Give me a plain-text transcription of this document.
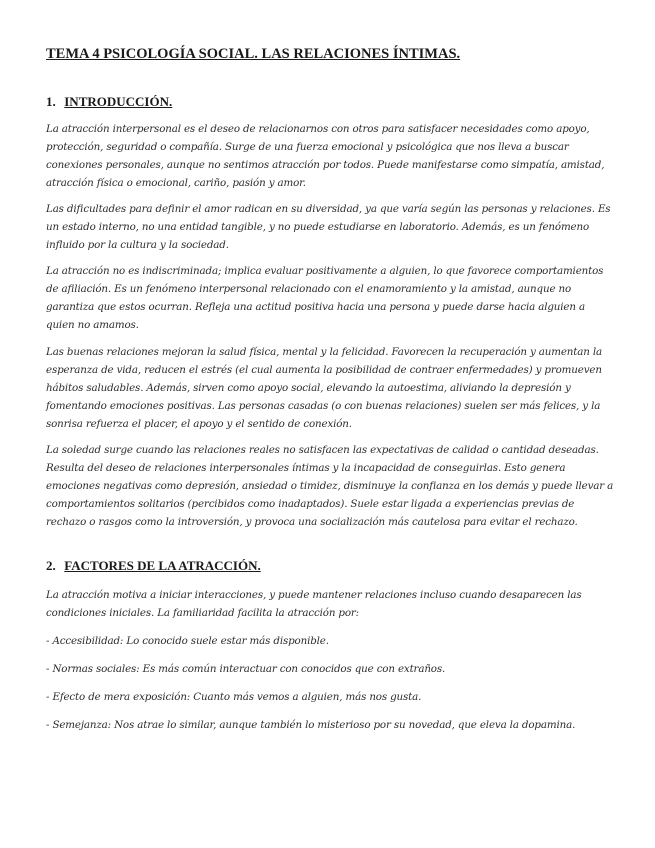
TEMA 4 PSICOLOGÍA SOCIAL. LAS RELACIONES ÍNTIMAS.
1. INTRODUCCIÓN.

La atracción interpersonal es el deseo de relacionarnos con otros para satisfacer necesidades como apoyo, protección, seguridad o compañía. Surge de una fuerza emocional y psicológica que nos lleva a buscar conexiones personales, aunque no sentimos atracción por todos. Puede manifestarse como simpatía, amistad, atracción física o emocional, cariño, pasión y amor.

Las dificultades para definir el amor radican en su diversidad, ya que varía según las personas y relaciones. Es un estado interno, no una entidad tangible, y no puede estudiarse en laboratorio. Además, es un fenómeno influido por la cultura y la sociedad.

La atracción no es indiscriminada; implica evaluar positivamente a alguien, lo que favorece comportamientos de afiliación. Es un fenómeno interpersonal relacionado con el enamoramiento y la amistad, aunque no garantiza que estos ocurran. Refleja una actitud positiva hacia una persona y puede darse hacia alguien a quien no amamos.

Las buenas relaciones mejoran la salud física, mental y la felicidad. Favorecen la recuperación y aumentan la esperanza de vida, reducen el estrés (el cual aumenta la posibilidad de contraer enfermedades) y promueven hábitos saludables. Además, sirven como apoyo social, elevando la autoestima, aliviando la depresión y fomentando emociones positivas. Las personas casadas (o con buenas relaciones) suelen ser más felices, y la sonrisa refuerza el placer, el apoyo y el sentido de conexión.

La soledad surge cuando las relaciones reales no satisfacen las expectativas de calidad o cantidad deseadas. Resulta del deseo de relaciones interpersonales íntimas y la incapacidad de conseguirlas. Esto genera emociones negativas como depresión, ansiedad o timidez, disminuye la confianza en los demás y puede llevar a comportamientos solitarios (percibidos como inadaptados). Suele estar ligada a experiencias previas de rechazo o rasgos como la introversión, y provoca una socialización más cautelosa para evitar el rechazo.

2. FACTORES DE LA ATRACCIÓN.

La atracción motiva a iniciar interacciones, y puede mantener relaciones incluso cuando desaparecen las condiciones iniciales. La familiaridad facilita la atracción por:

- Accesibilidad: Lo conocido suele estar más disponible.

- Normas sociales: Es más común interactuar con conocidos que con extraños.

- Efecto de mera exposición: Cuanto más vemos a alguien, más nos gusta.

- Semejanza: Nos atrae lo similar, aunque también lo misterioso por su novedad, que eleva la dopamina.
